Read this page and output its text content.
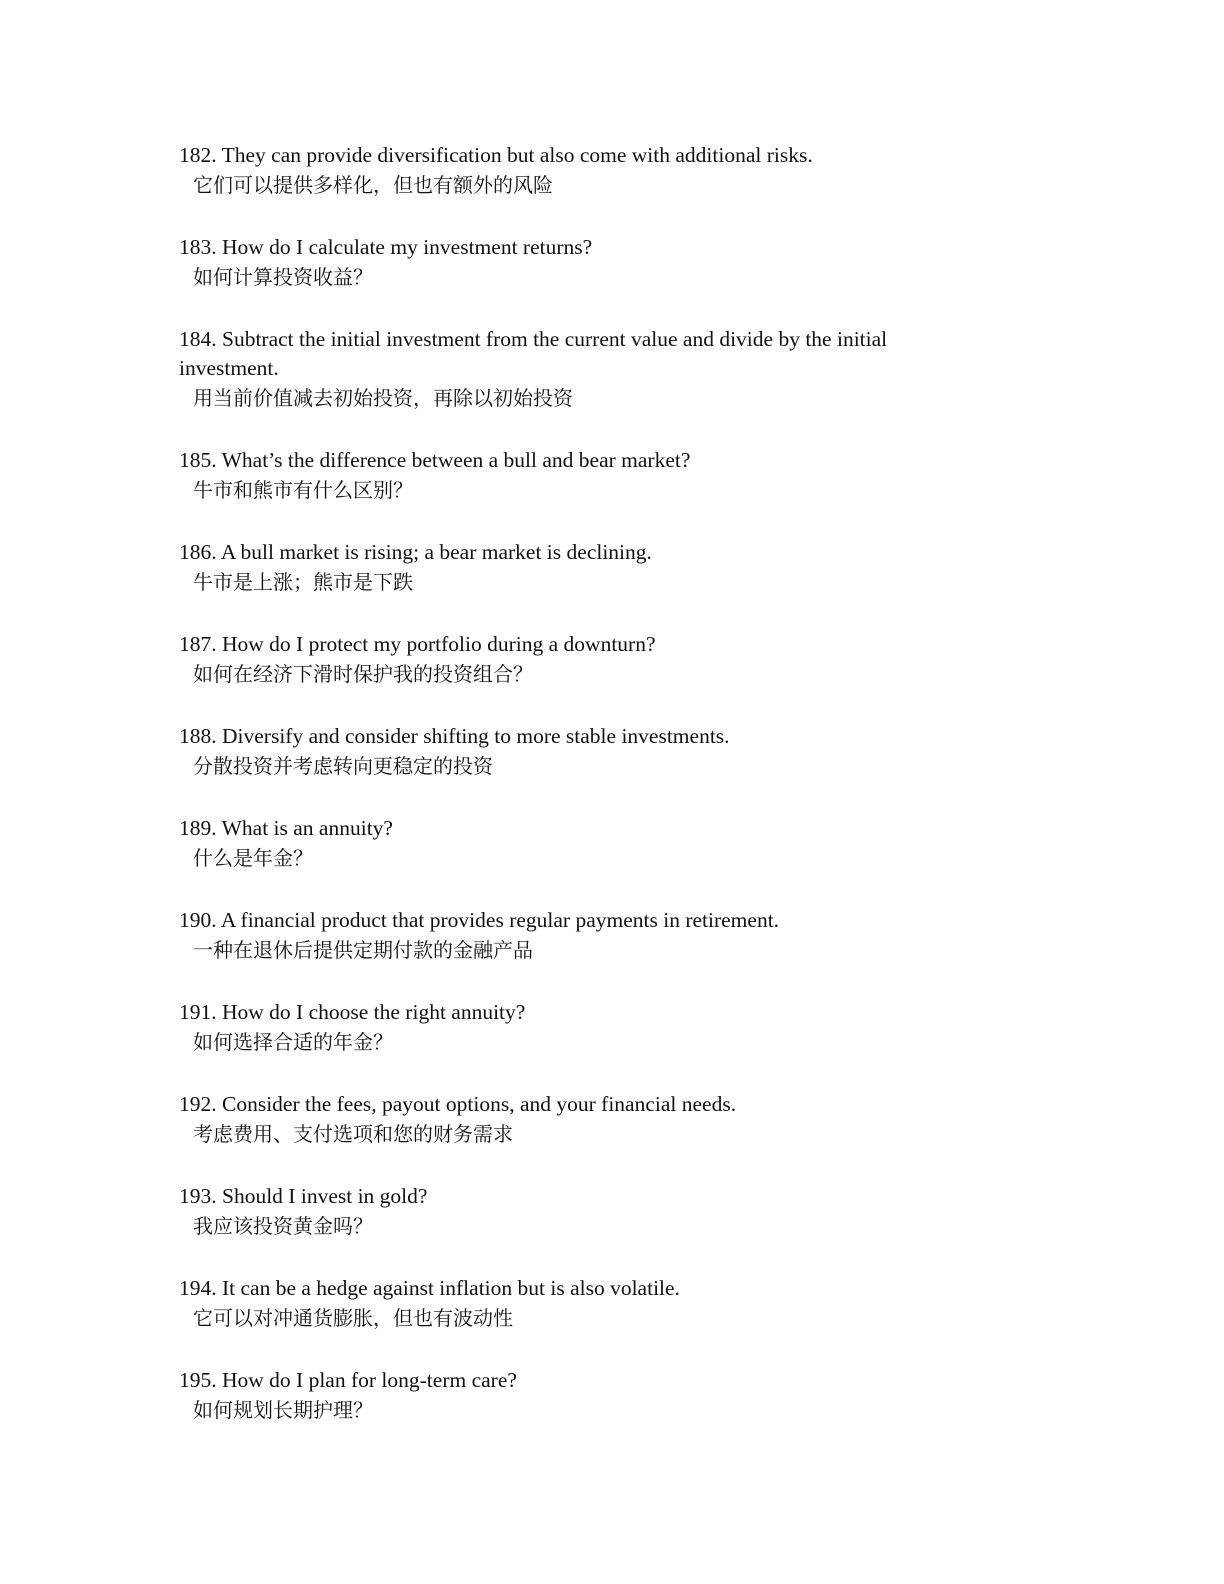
182. They can provide diversification but also come with additional risks.
它们可以提供多样化，但也有额外的风险
183. How do I calculate my investment returns?
如何计算投资收益？
184. Subtract the initial investment from the current value and divide by the initial investment.
用当前价值减去初始投资，再除以初始投资
185. What’s the difference between a bull and bear market?
牛市和熊市有什么区别？
186. A bull market is rising; a bear market is declining.
牛市是上涨；熊市是下跌
187. How do I protect my portfolio during a downturn?
如何在经济下滑时保护我的投资组合？
188. Diversify and consider shifting to more stable investments.
分散投资并考虑转向更稳定的投资
189. What is an annuity?
什么是年金？
190. A financial product that provides regular payments in retirement.
一种在退休后提供定期付款的金融产品
191. How do I choose the right annuity?
如何选择合适的年金？
192. Consider the fees, payout options, and your financial needs.
考虑费用、支付选项和您的财务需求
193. Should I invest in gold?
我应该投资黄金吗？
194. It can be a hedge against inflation but is also volatile.
它可以对冲通货膨胀，但也有波动性
195. How do I plan for long-term care?
如何规划长期护理？
